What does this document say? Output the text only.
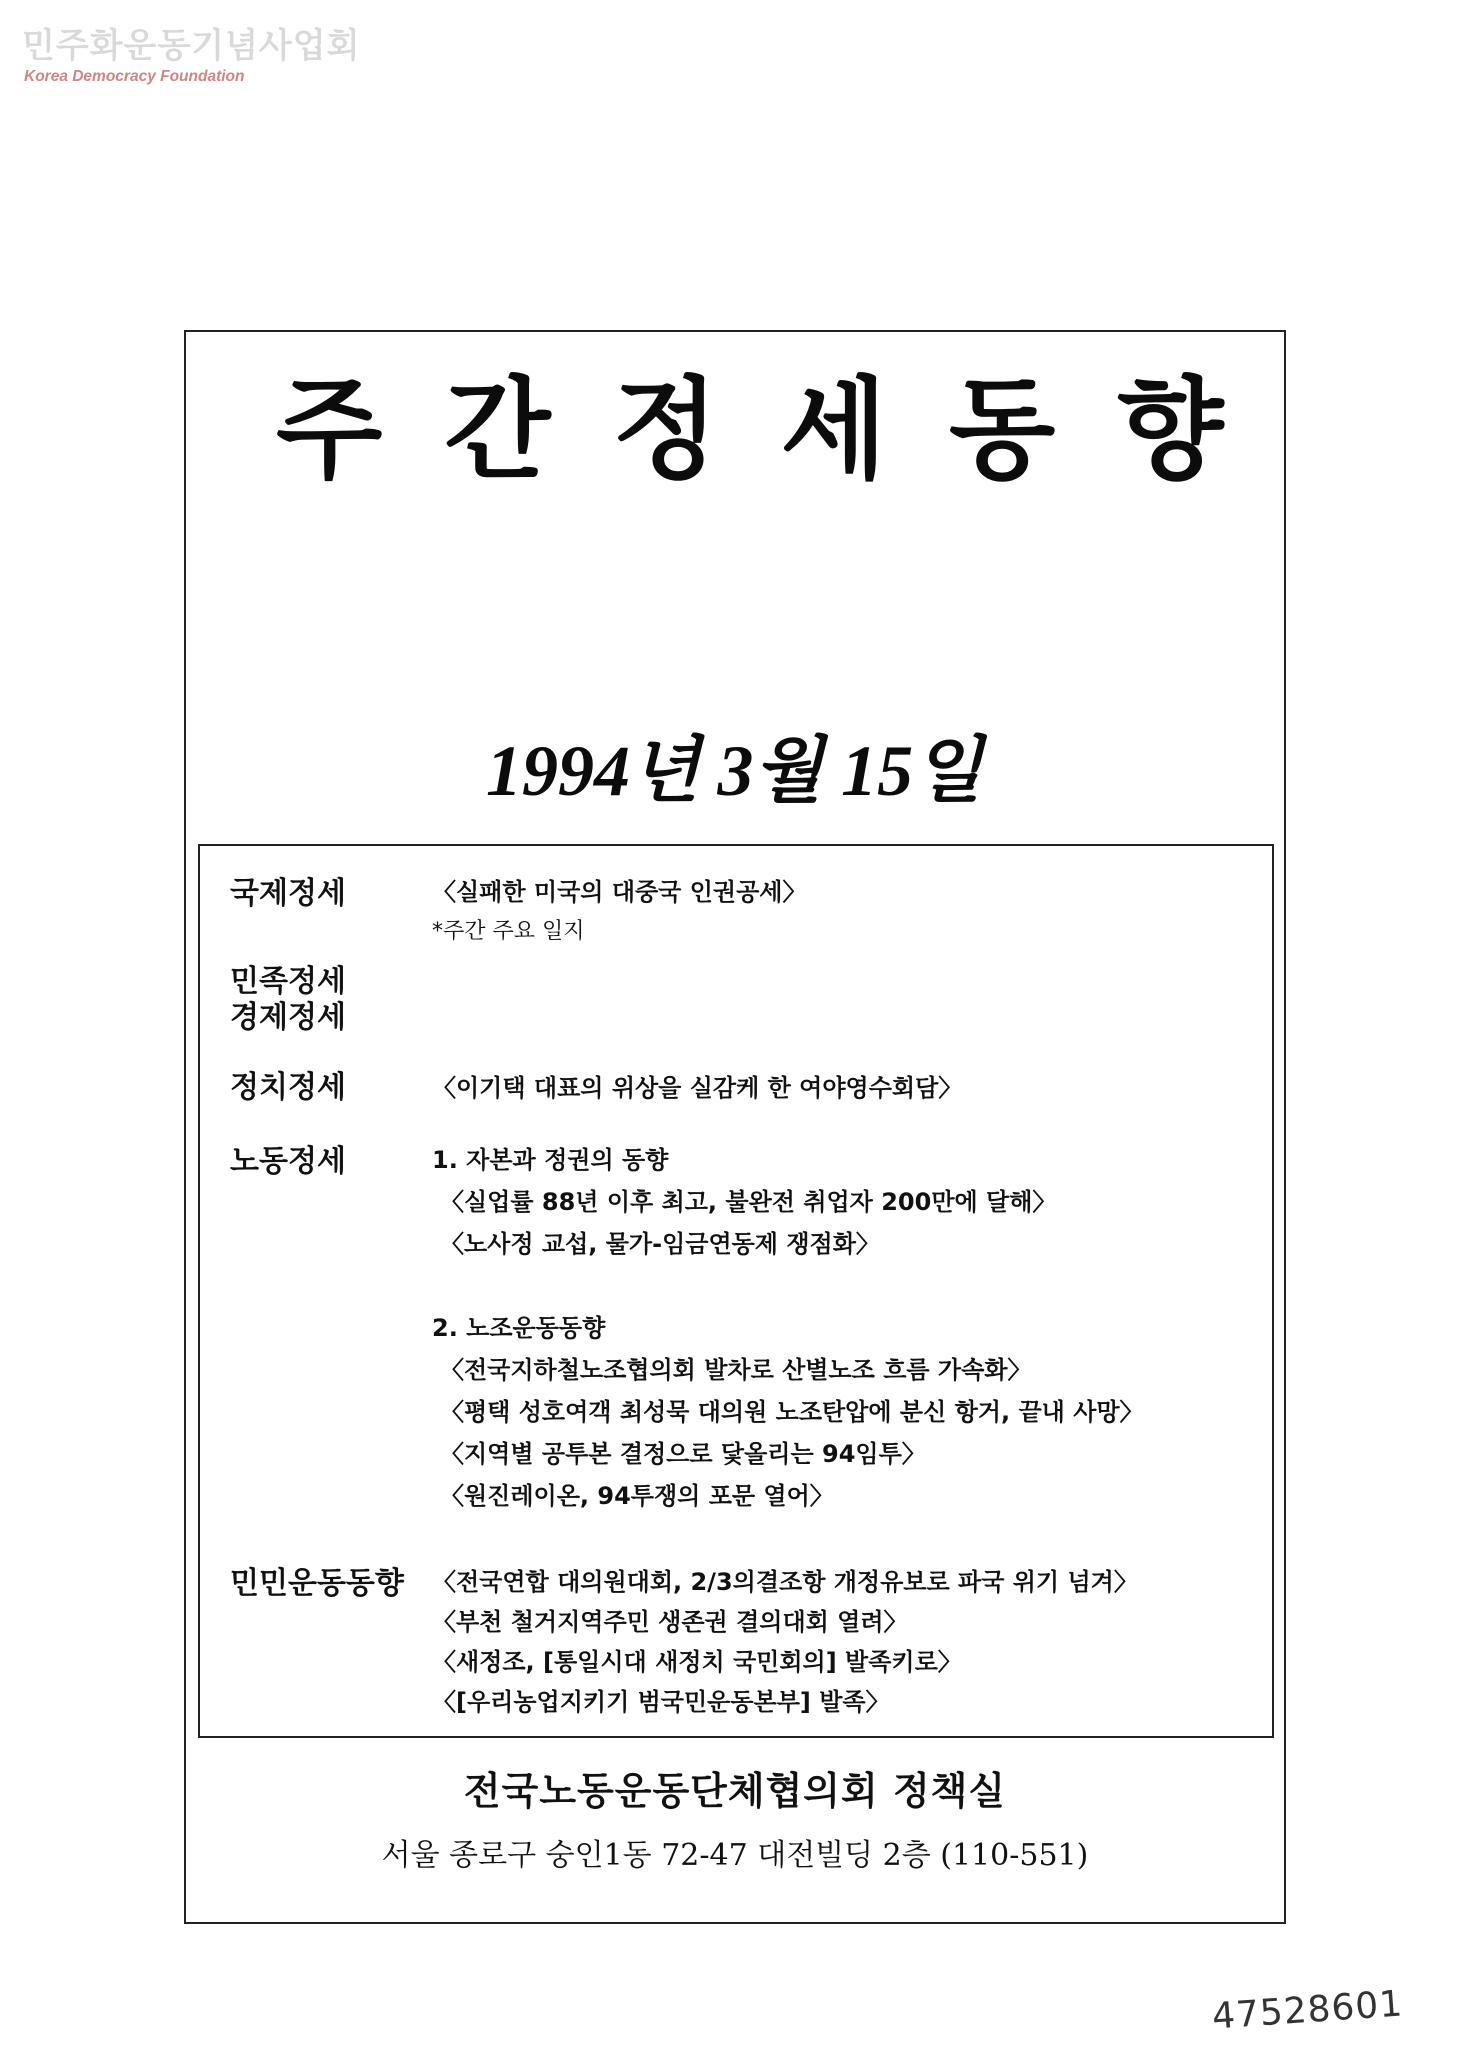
민주화운동기념사업회
Korea Democracy Foundation
주간정세동향
1994년 3월 15일
국제정세	〈실패한 미국의 대중국 인권공세〉
*주간 주요 일지
민족정세
경제정세
정치정세	〈이기택 대표의 위상을 실감케 한 여야영수회담〉
노동정세	1. 자본과 정권의 동향
〈실업률 88년 이후 최고, 불완전 취업자 200만에 달해〉
〈노사정 교섭, 물가-임금연동제 쟁점화〉
2. 노조운동동향
〈전국지하철노조협의회 발차로 산별노조 흐름 가속화〉
〈평택 성호여객 최성묵 대의원 노조탄압에 분신 항거, 끝내 사망〉
〈지역별 공투본 결정으로 닻올리는 94임투〉
〈원진레이온, 94투쟁의 포문 열어〉
민민운동동향 〈전국연합 대의원대회, 2/3의결조항 개정유보로 파국 위기 넘겨〉
〈부천 철거지역주민 생존권 결의대회 열려〉
〈새정조, [통일시대 새정치 국민회의] 발족키로〉
〈[우리농업지키기 범국민운동본부] 발족〉
전국노동운동단체협의회 정책실
서울 종로구 숭인1동 72-47 대전빌딩 2층 (110-551)
47528601
